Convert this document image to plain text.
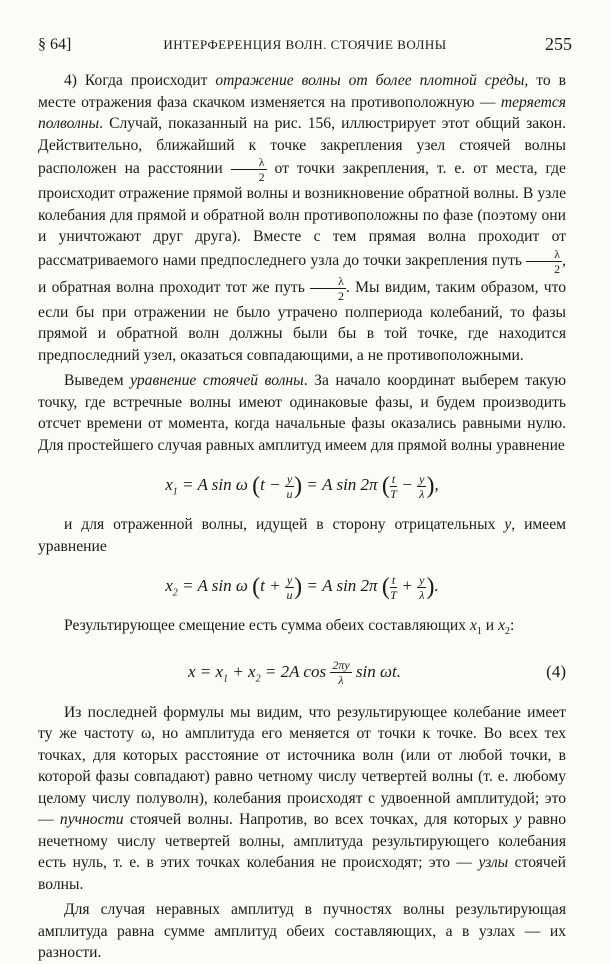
§ 64]	ИНТЕРФЕРЕНЦИЯ ВОЛН. СТОЯЧИЕ ВОЛНЫ	255

4) Когда происходит отражение волны от более плотной среды, то в месте отражения фаза скачком изменяется на противоположную — теряется полволны. Случай, показанный на рис. 156, иллюстрирует этот общий закон. Действительно, ближайший к точке закрепления узел стоячей волны расположен на расстоянии $\frac{\lambda}{2}$ от точки закрепления, т. е. от места, где происходит отражение прямой волны и возникновение обратной волны. В узле колебания для прямой и обратной волн противоположны по фазе (поэтому они и уничтожают друг друга). Вместе с тем прямая волна проходит от рассматриваемого нами предпоследнего узла до точки закрепления путь $\frac{\lambda}{2}$ , и обратная волна проходит тот же путь $\frac{\lambda}{2}$ . Мы видим, таким образом, что если бы при отражении не было утрачено полпериода колебаний, то фазы прямой и обратной волн должны были бы в той точке, где находится предпоследний узел, оказаться совпадающими, а не противоположными.

Выведем уравнение стоячей волны. За начало координат выберем такую точку, где встречные волны имеют одинаковые фазы, и будем производить отсчет времени от момента, когда начальные фазы оказались равными нулю. Для простейшего случая равных амплитуд имеем для прямой волны уравнение

$x_1 = A$ sin ω ($t - \frac{y}{u}$ ) = A sin 2π ( $\frac{t}{T} - \frac{y}{\lambda}$ ),

и для отраженной волны, идущей в сторону отрицательных y, имеем уравнение

$x_2 = A$ sin ω ($t + \frac{y}{u}$ ) = A sin 2π ( $\frac{t}{T} + \frac{y}{\lambda}$ ).

Результирующее смещение есть сумма обеих составляющих $x_1$ и $x_2$:

$x = x_1 + x_2 = 2A$ $\cos \frac{2\pi y}{\lambda}$ sin ωt.	(4)

Из последней формулы мы видим, что результирующее колебание имеет ту же частоту ω, но амплитуда его меняется от точки к точке. Во всех тех точках, для которых расстояние от источника волн (или от любой точки, в которой фазы совпадают) равно четному числу четвертей волны (т. е. любому целому числу полуволн), колебания происходят с удвоенной амплитудой; это — пучности стоячей волны. Напротив, во всех точках, для которых y равно нечетному числу четвертей волны, амплитуда результирующего колебания есть нуль, т. е. в этих точках колебания не происходят; это — узлы стоячей волны.

Для случая неравных амплитуд в пучностях волны результирующая амплитуда равна сумме амплитуд обеих составляющих, а в узлах — их разности.
